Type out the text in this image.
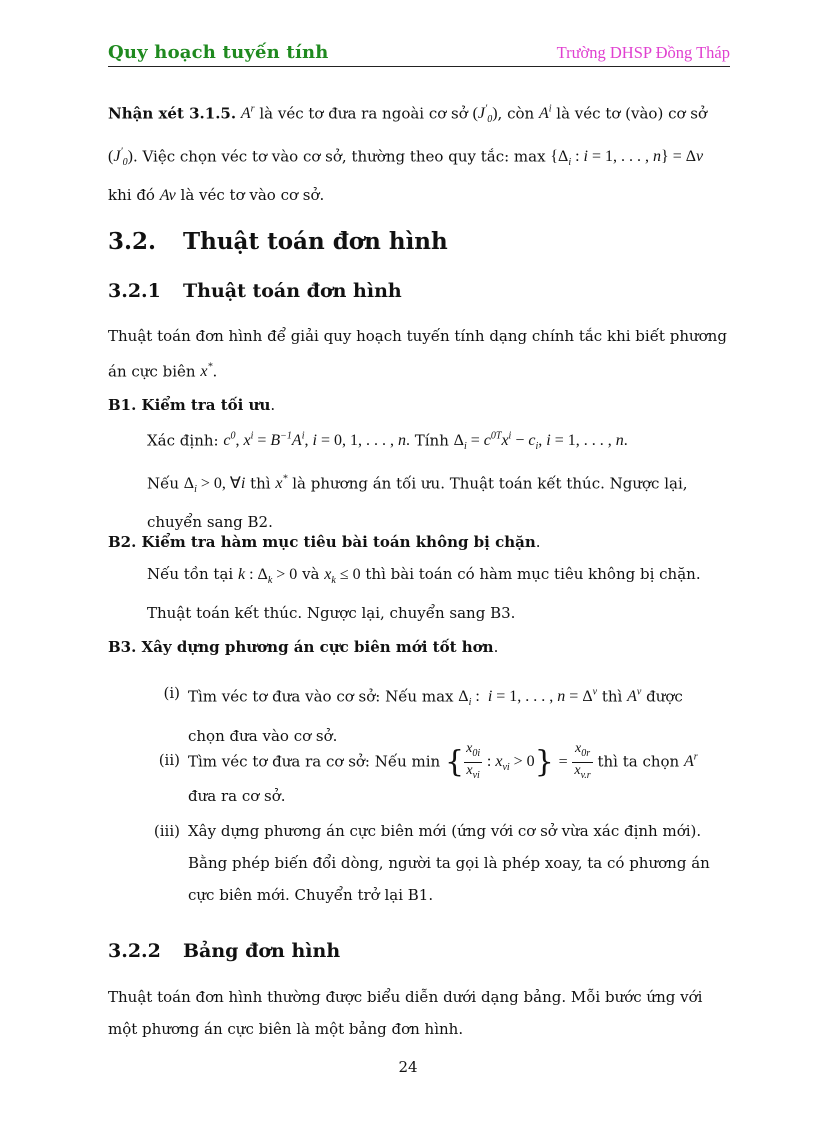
Quy hoạch tuyến tính	Trường DHSP Đồng Tháp
Nhận xét 3.1.5. $A^r$ là véc tơ đưa ra ngoài cơ sở $(J'_0)$, còn $A^i$ là véc tơ (vào) cơ sở
$(J'_0)$. Việc chọn véc tơ vào cơ sở, thường theo quy tắc: $\max \{\Delta_i$ : i = 1, . . . , n} = Δv
khi đó Av là véc tơ vào cơ sở.
3.2. Thuật toán đơn hình
3.2.1 Thuật toán đơn hình
Thuật toán đơn hình để giải quy hoạch tuyến tính dạng chính tắc khi biết phương
án cực biên x*.
B1. Kiểm tra tối ưu.
Xác định: $c^0$, $x^i = B^{-1}A^i$, i = 0, 1, . . . , n. Tính $\Delta_i = c^{0T}x^i - c_i$, i = 1, . . . , n.
Nếu $\Delta_i > 0$, ∀i thì x* là phương án tối ưu. Thuật toán kết thúc. Ngược lại,
chuyển sang B2.
B2. Kiểm tra hàm mục tiêu bài toán không bị chặn.
Nếu tồn tại k : $\Delta_k > 0$ và $x_k \le 0$ thì bài toán có hàm mục tiêu không bị chặn.
Thuật toán kết thúc. Ngược lại, chuyển sang B3.
B3. Xây dựng phương án cực biên mới tốt hơn.
(i) Tìm véc tơ đưa vào cơ sở: Nếu $\max \Delta_i$ :  i = 1, . . . , $n = \Delta^v$ thì $A^v$ được
chọn đưa vào cơ sở.
(ii) Tìm véc tơ đưa ra cơ sở: Nếu min { $\frac{x_{0i}}{x_{vi}}$ : $x_{vi} > 0\} = \frac{x_{0r}}{x_{v.r}}$ thì ta chọn $A^r$
đưa ra cơ sở.
(iii) Xây dựng phương án cực biên mới (ứng với cơ sở vừa xác định mới).
Bằng phép biến đổi dòng, người ta gọi là phép xoay, ta có phương án
cực biên mới. Chuyển trở lại B1.
3.2.2 Bảng đơn hình
Thuật toán đơn hình thường được biểu diễn dưới dạng bảng. Mỗi bước ứng với
một phương án cực biên là một bảng đơn hình.
24
